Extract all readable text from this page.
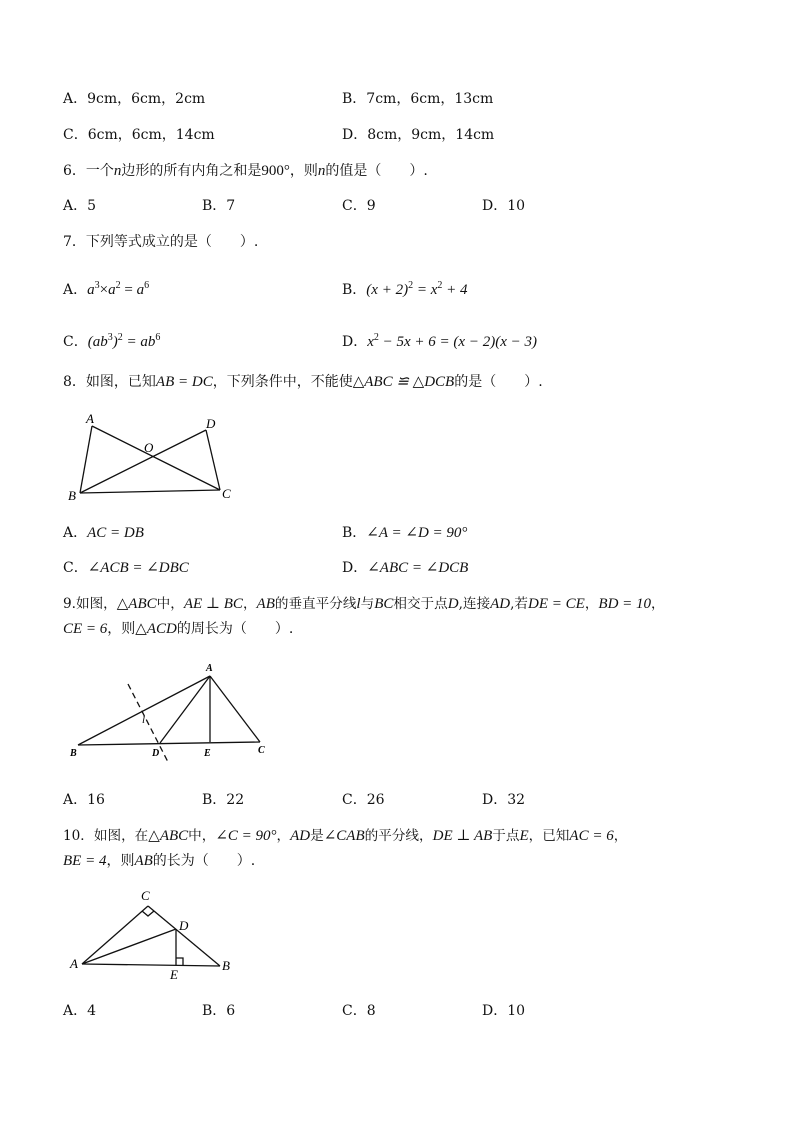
A．9cm，6cm，2cm	B．7cm，6cm，13cm
C．6cm，6cm，14cm	D．8cm，9cm，14cm
6．一个n边形的所有内角之和是900°，则n的值是（　　）.
A．5	B．7	C．9	D．10
7．下列等式成立的是（　　）.
A．$a^3\times a^2 = a^6$	B．$(x + 2)^2 = x^2 + 4$
C．$(ab^3)^2 = ab^6$	D．$x^2 - 5x + 6 = (x - 2)(x - 3)$
8．如图，已知AB = DC，下列条件中，不能使△ABC ≌ △DCB的是（　　）.
A	D
O
B	C
A．AC = DB	B．∠A = ∠D = 90°
C．∠ACB = ∠DBC	D．∠ABC = ∠DCB
9.如图，△ABC中，AE ⊥ BC，AB的垂直平分线l与BC相交于点D,连接AD,若DE = CE，BD = 10，
CE = 6，则△ACD的周长为（　　）.
A
B	D	E	C
l
A．16	B．22	C．26	D．32
10．如图，在△ABC中，∠C = 90°，AD是∠CAB的平分线，DE ⊥ AB于点E，已知AC = 6，
BE = 4，则AB的长为（　　）.
C
D
A
E
B
A．4	B．6	C．8	D．10
